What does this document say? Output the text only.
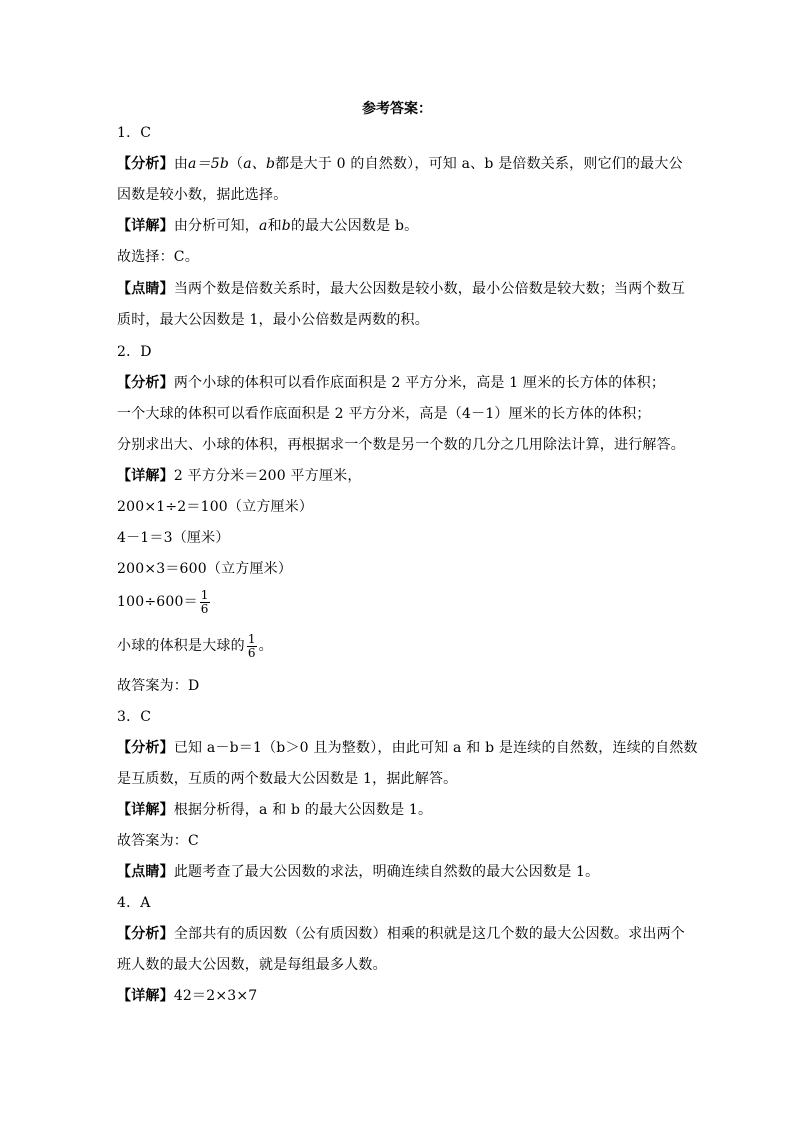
参考答案：
1．C
【分析】由a＝5b（a、b都是大于 0 的自然数），可知 a、b 是倍数关系，则它们的最大公
因数是较小数，据此选择。
【详解】由分析可知，a和b的最大公因数是 b。
故选择：C。
【点睛】当两个数是倍数关系时，最大公因数是较小数，最小公倍数是较大数；当两个数互
质时，最大公因数是 1，最小公倍数是两数的积。
2．D
【分析】两个小球的体积可以看作底面积是 2 平方分米，高是 1 厘米的长方体的体积；
一个大球的体积可以看作底面积是 2 平方分米，高是（4－1）厘米的长方体的体积；
分别求出大、小球的体积，再根据求一个数是另一个数的几分之几用除法计算，进行解答。
【详解】2 平方分米＝200 平方厘米，
200×1÷2＝100（立方厘米）
4－1＝3（厘米）
200×3＝600（立方厘米）
$100\div 600= \frac{1}{6}$
小球的体积是大球的 $\frac{1}{6}$ 。
故答案为：D
3．C
【分析】已知 a－b＝1（b＞0 且为整数），由此可知 a 和 b 是连续的自然数，连续的自然数
是互质数，互质的两个数最大公因数是 1，据此解答。
【详解】根据分析得，a 和 b 的最大公因数是 1。
故答案为：C
【点睛】此题考查了最大公因数的求法，明确连续自然数的最大公因数是 1。
4．A
【分析】全部共有的质因数（公有质因数）相乘的积就是这几个数的最大公因数。求出两个
班人数的最大公因数，就是每组最多人数。
【详解】42＝2×3×7
